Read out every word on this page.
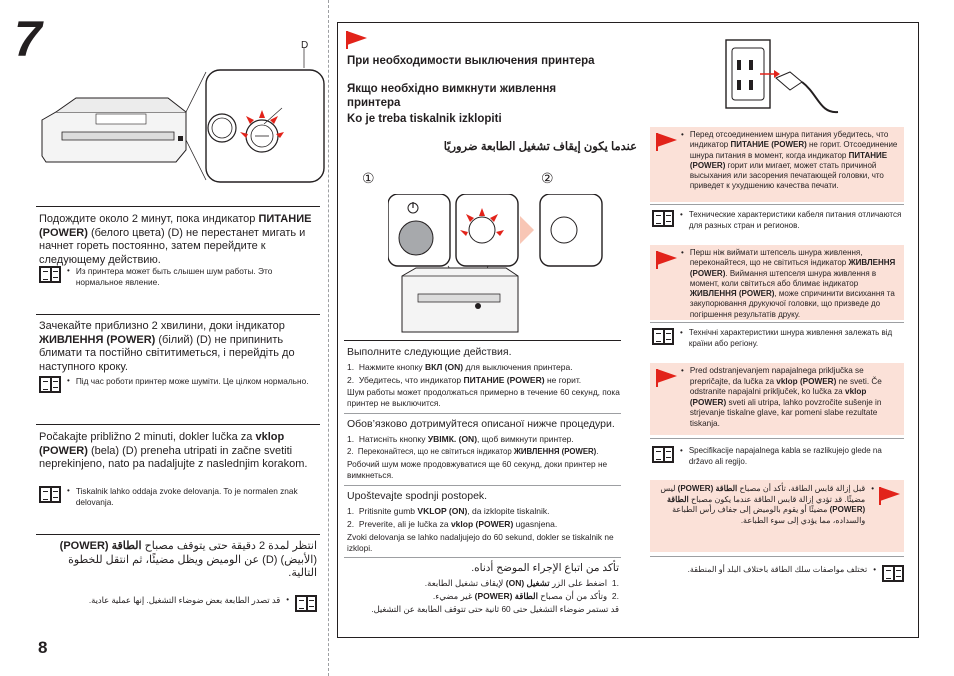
7	D
Подождите около 2 минут, пока индикатор ПИТАНИЕ (POWER) (белого цвета) (D) не перестанет мигать и начнет гореть постоянно, затем перейдите к следующему действию.
• Из принтера может быть слышен шум работы. Это нормальное явление.
Зачекайте приблизно 2 хвилини, доки індикатор ЖИВЛЕННЯ (POWER) (білий) (D) не припинить блимати та постійно світитиметься, і перейдіть до наступного кроку.
• Під час роботи принтер може шуміти. Це цілком нормально.
Počakajte približno 2 minuti, dokler lučka za vklop (POWER) (bela) (D) preneha utripati in začne svetiti neprekinjeno, nato pa nadaljujte z naslednjim korakom.
• Tiskalnik lahko oddaja zvoke delovanja. To je normalen znak delovanja.
انتظر لمدة 2 دقيقة حتى يتوقف مصباح الطاقة (POWER) (الأبيض) (D) عن الوميض ويظل مضيئًا، ثم انتقل للخطوة التالية.
•
قد تصدر الطابعة بعض ضوضاء التشغيل. إنها عملية عادية.
8
При необходимости выключения принтера
Якщо необхідно вимкнути живлення принтера
Ko je treba tiskalnik izklopiti
عندما يكون إيقاف تشغيل الطابعة ضروريًا
①	②
Выполните следующие действия.
1.  Нажмите кнопку ВКЛ (ON) для выключения принтера.
2.  Убедитесь, что индикатор ПИТАНИЕ (POWER) не горит.
Шум работы может продолжаться примерно в течение 60 секунд, пока принтер не выключится.
Обов’язково дотримуйтеся описаної нижче процедури.
1.  Натисніть кнопку УВІМК. (ON), щоб вимкнути принтер.
2.  Переконайтеся, що не світиться індикатор ЖИВЛЕННЯ (POWER).
Робочий шум може продовжуватися ще 60 секунд, доки принтер не вимкнеться.
Upoštevajte spodnji postopek.
1.  Pritisnite gumb VKLOP (ON), da izklopite tiskalnik.
2.  Preverite, ali je lučka za vklop (POWER) ugasnjena.
Zvoki delovanja se lahko nadaljujejo do 60 sekund, dokler se tiskalnik ne izklopi.
تأكد من اتباع الإجراء الموضح أدناه.
.1  اضغط على الزر تشغيل (ON) لإيقاف تشغيل الطابعة.
.2  وتأكد من أن مصباح الطاقة (POWER) غير مضيء.
قد تستمر ضوضاء التشغيل حتى 60 ثانية حتى تتوقف الطابعة عن التشغيل.
• Перед отсоединением шнура питания убедитесь, что индикатор ПИТАНИЕ (POWER) не горит. Отсоединение шнура питания в момент, когда индикатор ПИТАНИЕ (POWER) горит или мигает, может стать причиной высыхания или засорения печатающей головки, что приведет к ухудшению качества печати.
• Технические характеристики кабеля питания отличаются для разных стран и регионов.
• Перш ніж виймати штепсель шнура живлення, переконайтеся, що не світиться індикатор ЖИВЛЕННЯ (POWER). Виймання штепселя шнура живлення в момент, коли світиться або блимає індикатор ЖИВЛЕННЯ (POWER), може спричинити висихання та закупорювання друкуючої головки, що призведе до погіршення результатів друку.
• Технічні характеристики шнура живлення залежать від країни або регіону.
• Pred odstranjevanjem napajalnega priključka se prepričajte, da lučka za vklop (POWER) ne sveti. Če odstranite napajalni priključek, ko lučka za vklop (POWER) sveti ali utripa, lahko povzročite sušenje in strjevanje tiskalne glave, kar pomeni slabe rezultate tiskanja.
• Specifikacije napajalnega kabla se razlikujejo glede na državo ali regijo.
•
قبل إزالة قابس الطاقة، تأكد أن مصباح الطاقة (POWER) ليس مضيئًا. قد تؤدي إزالة قابس الطاقة عندما يكون مصباح الطاقة (POWER) مضيئًا أو يقوم بالوميض إلى جفاف رأس الطباعة والسداده، مما يؤدي إلى سوء الطباعة.
•
تختلف مواصفات سلك الطاقة باختلاف البلد أو المنطقة.
